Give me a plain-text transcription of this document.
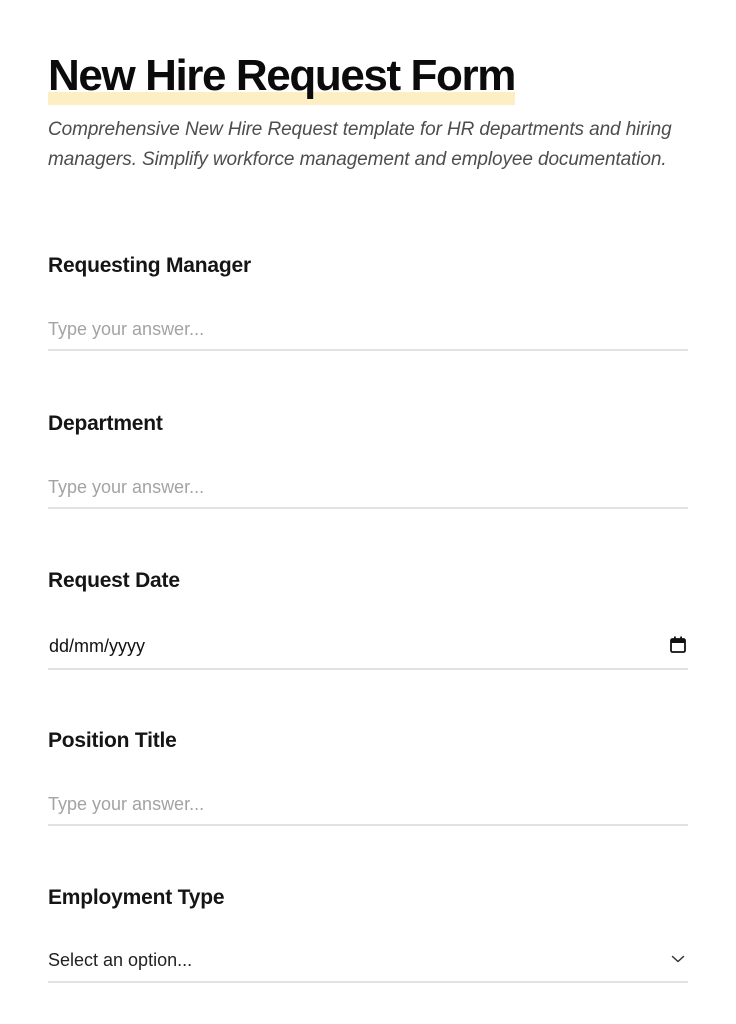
New Hire Request Form

Comprehensive New Hire Request template for HR departments and hiring managers. Simplify workforce management and employee documentation.

Requesting Manager
Type your answer...
Department
Type your answer...
Request Date
dd/mm/yyyy
Position Title
Type your answer...
Employment Type
Select an option...
